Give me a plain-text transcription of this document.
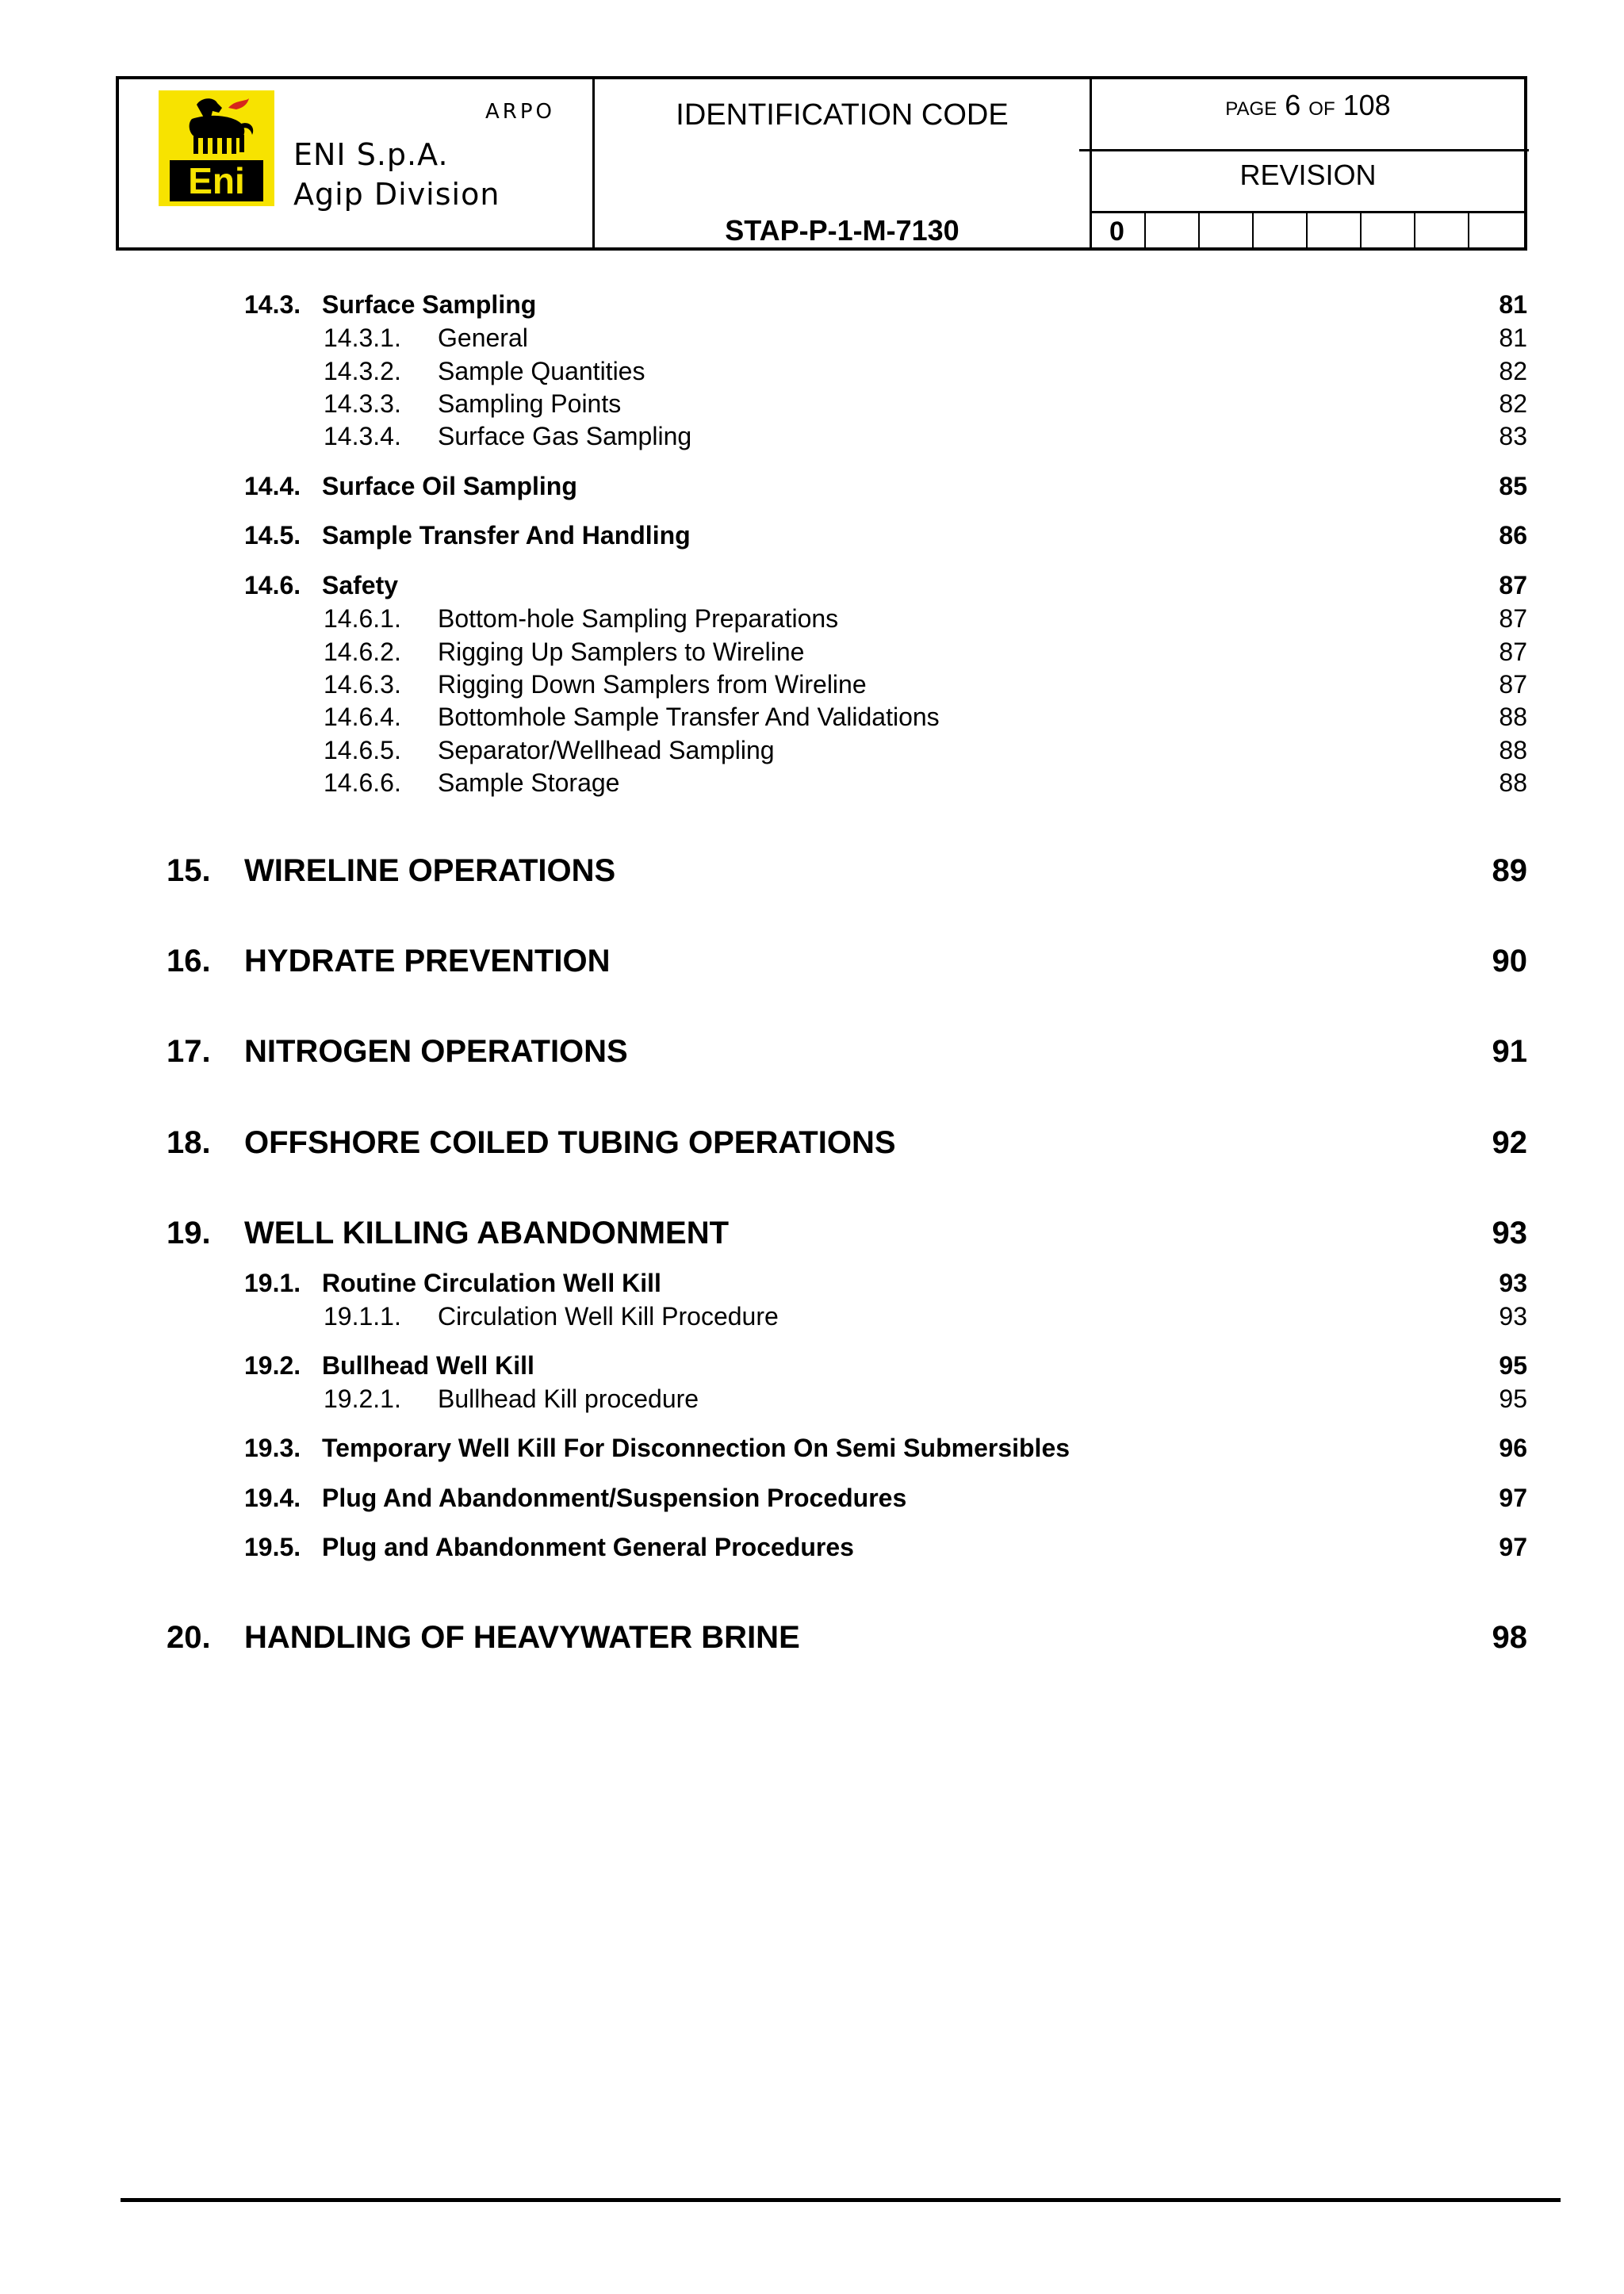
Eni
ARPO
ENI S.p.A.
Agip Division
IDENTIFICATION CODE
STAP-P-1-M-7130
PAGE 6 OF 108
REVISION
0
14.3. Surface Sampling	81
14.3.1. General	81
14.3.2. Sample Quantities	82
14.3.3. Sampling Points	82
14.3.4. Surface Gas Sampling	83
14.4. Surface Oil Sampling	85
14.5. Sample Transfer And Handling	86
14.6. Safety	87
14.6.1. Bottom-hole Sampling Preparations	87
14.6.2. Rigging Up Samplers to Wireline	87
14.6.3. Rigging Down Samplers from Wireline	87
14.6.4. Bottomhole Sample Transfer And Validations	88
14.6.5. Separator/Wellhead Sampling	88
14.6.6. Sample Storage	88
15. WIRELINE OPERATIONS	89
16. HYDRATE PREVENTION	90
17. NITROGEN OPERATIONS	91
18. OFFSHORE COILED TUBING OPERATIONS	92
19. WELL KILLING ABANDONMENT	93
19.1. Routine Circulation Well Kill	93
19.1.1. Circulation Well Kill Procedure	93
19.2. Bullhead Well Kill	95
19.2.1. Bullhead Kill procedure	95
19.3. Temporary Well Kill For Disconnection On Semi Submersibles	96
19.4. Plug And Abandonment/Suspension Procedures	97
19.5. Plug and Abandonment General Procedures	97
20. HANDLING OF HEAVYWATER BRINE	98
